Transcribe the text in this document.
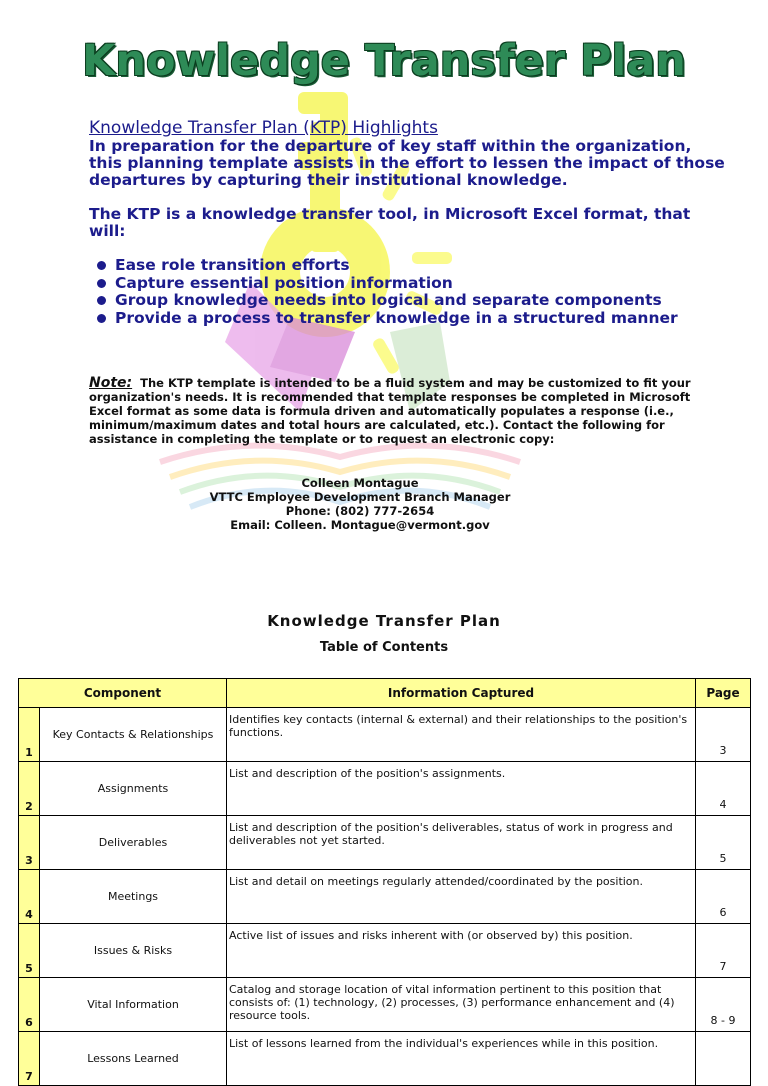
Knowledge Transfer Plan
Knowledge Transfer Plan (KTP) Highlights

In preparation for the departure of key staff within the organization, this planning template assists in the effort to lessen the impact of those departures by capturing their institutional knowledge.

The KTP is a knowledge transfer tool, in Microsoft Excel format, that will:

Ease role transition efforts
Capture essential position information
Group knowledge needs into logical and separate components
Provide a process to transfer knowledge in a structured manner
Note: The KTP template is intended to be a fluid system and may be customized to fit your organization's needs. It is recommended that template responses be completed in Microsoft Excel format as some data is formula driven and automatically populates a response (i.e., minimum/maximum dates and total hours are calculated, etc.). Contact the following for assistance in completing the template or to request an electronic copy:
Colleen Montague
VTTC Employee Development Branch Manager
Phone: (802) 777-2654
Email: Colleen. Montague@vermont.gov
Knowledge Transfer Plan
Table of Contents
Component		Information Captured	Page
1	Key Contacts & Relationships	Identifies key contacts (internal & external) and their relationships to the position's functions.	3
2	Assignments	List and description of the position's assignments.	4
3	Deliverables	List and description of the position's deliverables, status of work in progress and deliverables not yet started.	5
4	Meetings	List and detail on meetings regularly attended/coordinated by the position.	6
5	Issues & Risks	Active list of issues and risks inherent with (or observed by) this position.	7
6	Vital Information	Catalog and storage location of vital information pertinent to this position that consists of: (1) technology, (2) processes, (3) performance enhancement and (4) resource tools.	8 - 9
7	Lessons Learned	List of lessons learned from the individual's experiences while in this position.	
